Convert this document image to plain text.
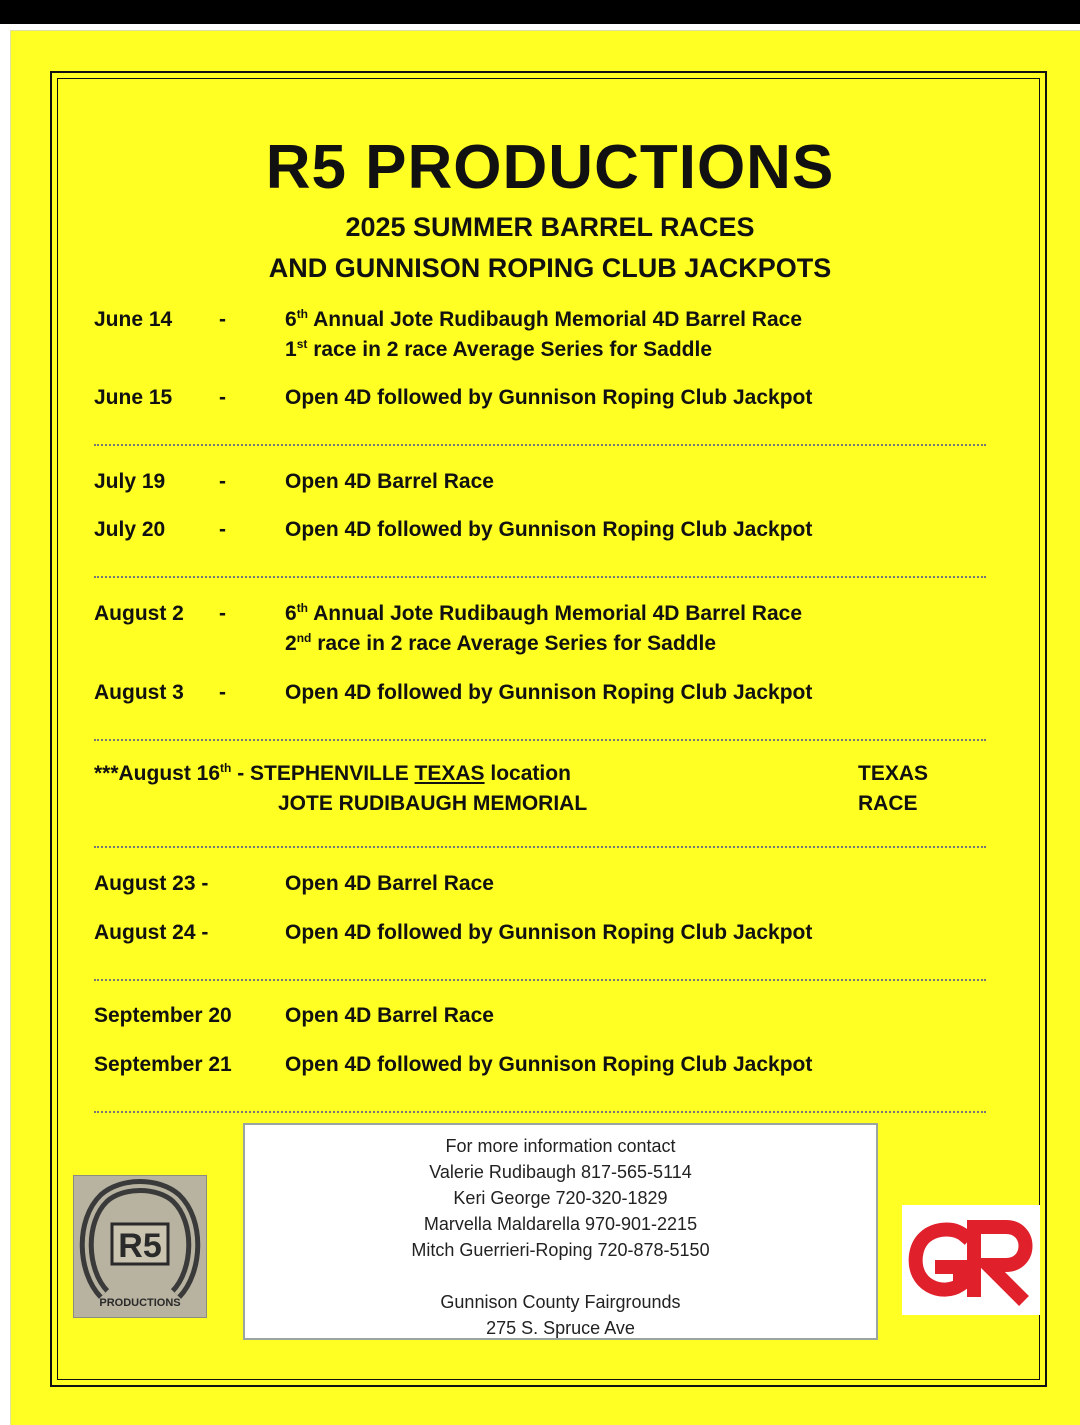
R5 PRODUCTIONS
2025 SUMMER BARREL RACES
AND GUNNISON ROPING CLUB JACKPOTS
June 14 -	6th Annual Jote Rudibaugh Memorial 4D Barrel Race
1st race in 2 race Average Series for Saddle
June 15 -	Open 4D followed by Gunnison Roping Club Jackpot
July 19	-	Open 4D Barrel Race
July 20	-	Open 4D followed by Gunnison Roping Club Jackpot
August 2 -	6th Annual Jote Rudibaugh Memorial 4D Barrel Race
2nd race in 2 race Average Series for Saddle
August 3 -	Open 4D followed by Gunnison Roping Club Jackpot
***August 16th - STEPHENVILLE TEXAS location
JOTE RUDIBAUGH MEMORIAL
TEXAS
RACE
August 23 -	Open 4D Barrel Race
August 24 -	Open 4D followed by Gunnison Roping Club Jackpot
September 20	Open 4D Barrel Race
September 21	Open 4D followed by Gunnison Roping Club Jackpot
For more information contact
Valerie Rudibaugh 817-565-5114
Keri George 720-320-1829
Marvella Maldarella 970-901-2215
Mitch Guerrieri-Roping 720-878-5150
Gunnison County Fairgrounds
275 S. Spruce Ave
R5
PRODUCTIONS
